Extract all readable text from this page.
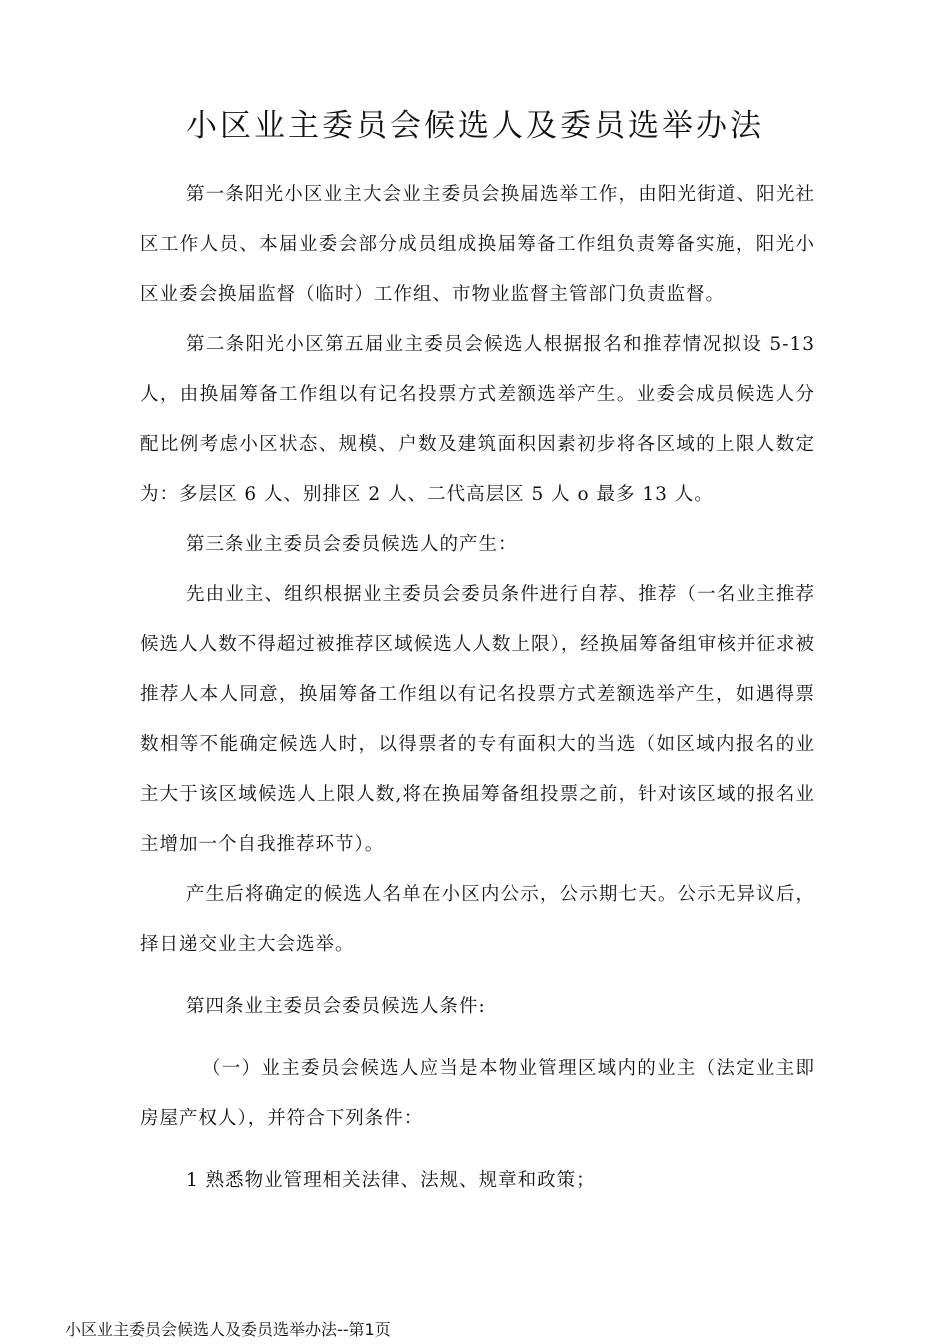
小区业主委员会候选人及委员选举办法

第一条阳光小区业主大会业主委员会换届选举工作，由阳光街道、阳光社区工作人员、本届业委会部分成员组成换届筹备工作组负责筹备实施，阳光小区业委会换届监督（临时）工作组、市物业监督主管部门负责监督。

第二条阳光小区第五届业主委员会候选人根据报名和推荐情况拟设 5-13 人，由换届筹备工作组以有记名投票方式差额选举产生。业委会成员候选人分配比例考虑小区状态、规模、户数及建筑面积因素初步将各区域的上限人数定为：多层区 6 人、别排区 2 人、二代高层区 5 人 o 最多 13 人。

第三条业主委员会委员候选人的产生：

先由业主、组织根据业主委员会委员条件进行自荐、推荐（一名业主推荐候选人人数不得超过被推荐区域候选人人数上限），经换届筹备组审核并征求被推荐人本人同意，换届筹备工作组以有记名投票方式差额选举产生，如遇得票数相等不能确定候选人时，以得票者的专有面积大的当选（如区域内报名的业主大于该区域候选人上限人数,将在换届筹备组投票之前，针对该区域的报名业主增加一个自我推荐环节）。

产生后将确定的候选人名单在小区内公示，公示期七天。公示无异议后，择日递交业主大会选举。

第四条业主委员会委员候选人条件:

（一）业主委员会候选人应当是本物业管理区域内的业主（法定业主即房屋产权人），并符合下列条件：

1 熟悉物业管理相关法律、法规、规章和政策；

小区业主委员会候选人及委员选举办法--第1页
